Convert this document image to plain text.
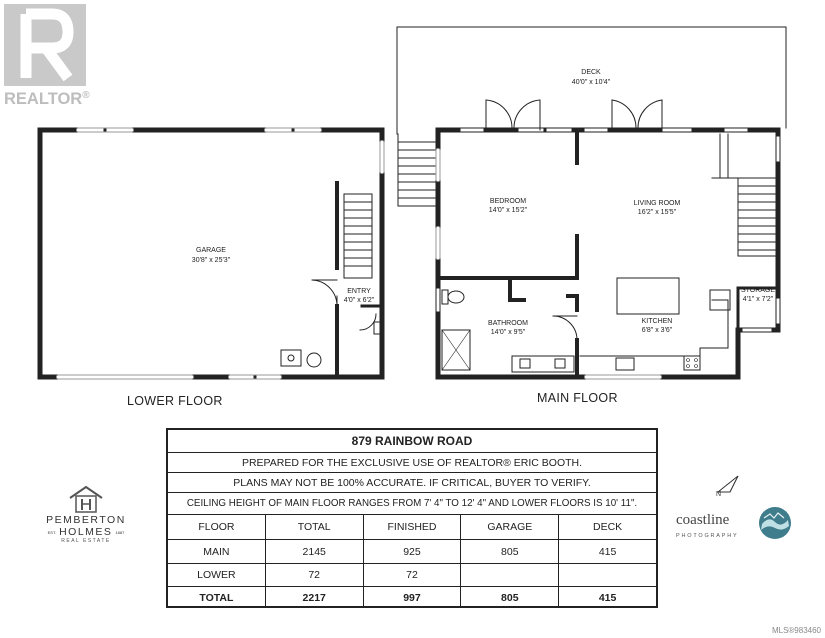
DECK
40'0" x 10'4"
GARAGE
30'8" x 25'3"
ENTRY
4'0" x 6'2"
BEDROOM
14'0" x 15'2"
LIVING ROOM
16'2" x 15'5"
BATHROOM
14'0" x 9'5"
KITCHEN
6'8" x 3'6"
STORAGE
4'1" x 7'2"
REALTOR®
LOWER FLOOR	MAIN FLOOR
879 RAINBOW ROAD
PREPARED FOR THE EXCLUSIVE USE OF REALTOR® ERIC BOOTH.
PLANS MAY NOT BE 100% ACCURATE. IF CRITICAL, BUYER TO VERIFY.
CEILING HEIGHT OF MAIN FLOOR RANGES FROM 7' 4" TO 12' 4" AND LOWER FLOORS IS 10' 11".
FLOOR	TOTAL	FINISHED	GARAGE	DECK
MAIN	2145	925	805	415
LOWER	72	72
TOTAL	2217	997	805	415
PEMBERTON
EST. HOLMES 1887
REAL ESTATE
N
coastline
PHOTOGRAPHY
MLS®983460
